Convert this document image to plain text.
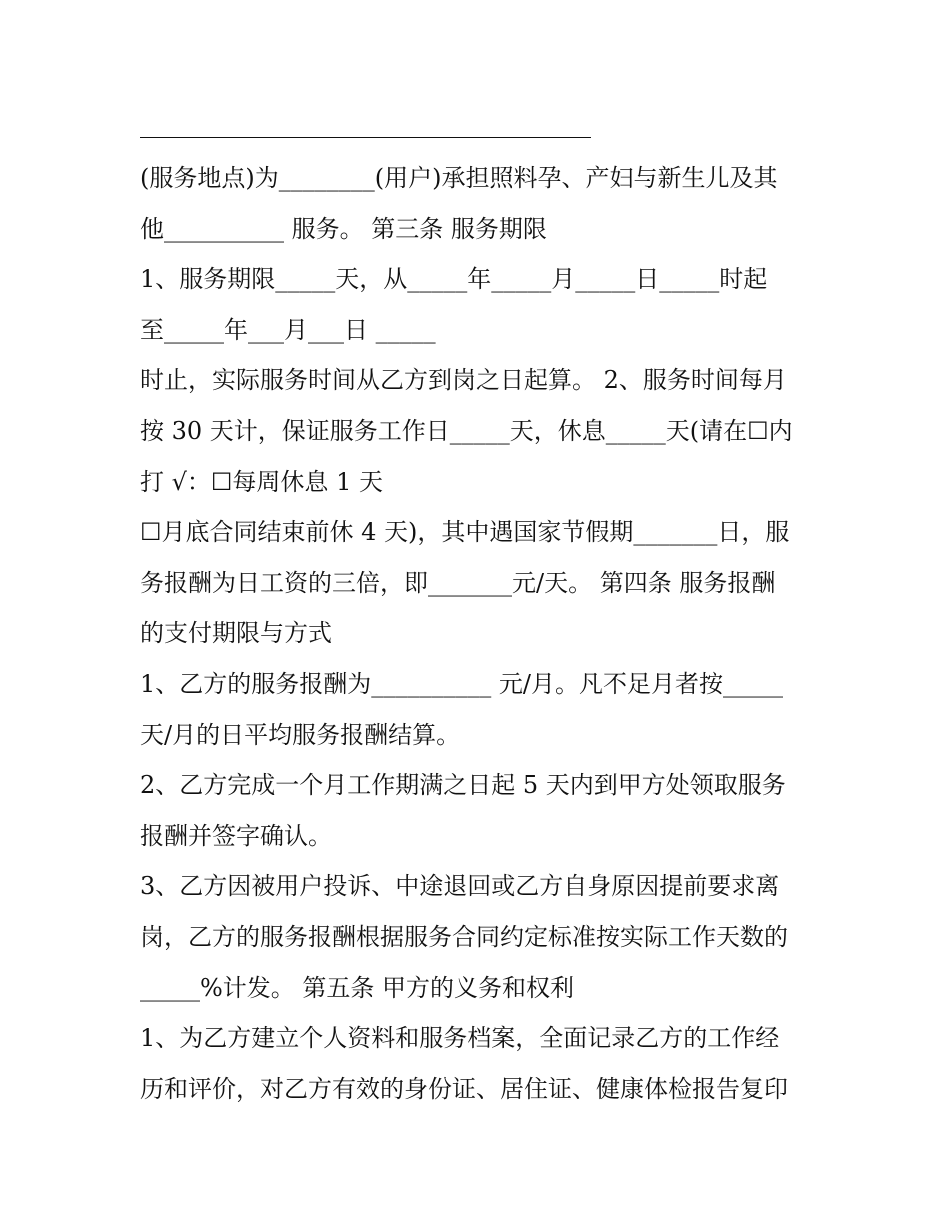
(服务地点)为________(用户)承担照料孕、产妇与新生儿及其
他__________ 服务。 第三条 服务期限
1、服务期限_____天，从_____年_____月_____日_____时起
至_____年___月___日 _____
时止，实际服务时间从乙方到岗之日起算。 2、服务时间每月
按 30 天计，保证服务工作日_____天，休息_____天(请在☐内
打 √：☐每周休息 1 天
☐月底合同结束前休 4 天)，其中遇国家节假期_______日，服
务报酬为日工资的三倍，即_______元/天。 第四条 服务报酬
的支付期限与方式
1、乙方的服务报酬为__________ 元/月。凡不足月者按_____
天/月的日平均服务报酬结算。
2、乙方完成一个月工作期满之日起 5 天内到甲方处领取服务
报酬并签字确认。
3、乙方因被用户投诉、中途退回或乙方自身原因提前要求离
岗，乙方的服务报酬根据服务合同约定标准按实际工作天数的
_____%计发。 第五条 甲方的义务和权利
1、为乙方建立个人资料和服务档案，全面记录乙方的工作经
历和评价，对乙方有效的身份证、居住证、健康体检报告复印
